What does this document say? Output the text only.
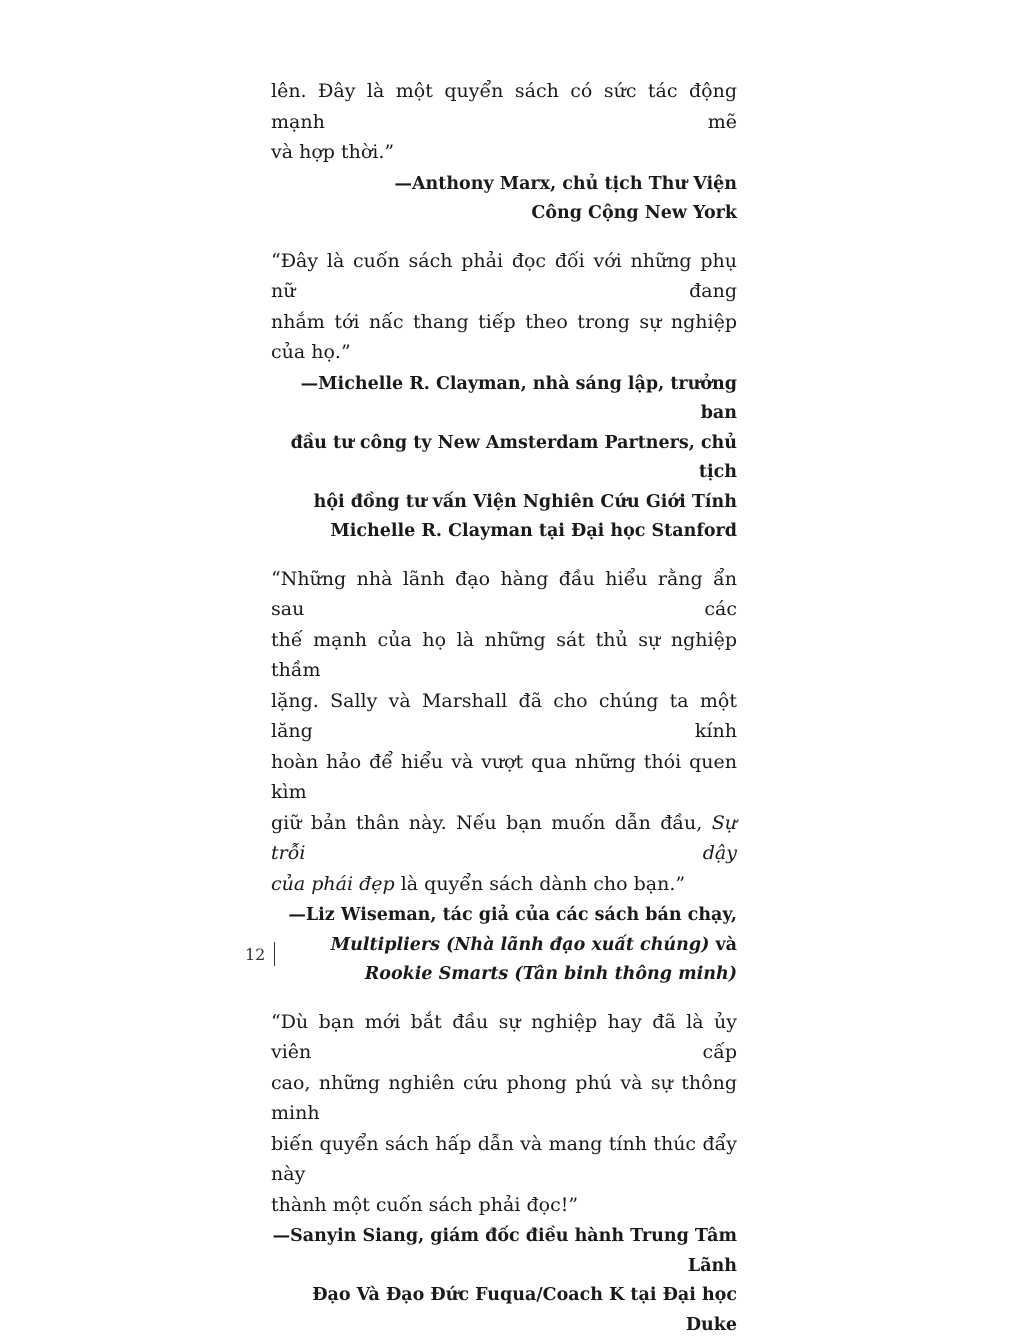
lên. Đây là một quyển sách có sức tác động mạnh mẽ
và hợp thời.”

—Anthony Marx, chủ tịch Thư Viện
Công Cộng New York

“Đây là cuốn sách phải đọc đối với những phụ nữ đang
nhắm tới nấc thang tiếp theo trong sự nghiệp của họ.”

—Michelle R. Clayman, nhà sáng lập, trưởng ban
đầu tư công ty New Amsterdam Partners, chủ tịch
hội đồng tư vấn Viện Nghiên Cứu Giới Tính
Michelle R. Clayman tại Đại học Stanford

“Những nhà lãnh đạo hàng đầu hiểu rằng ẩn sau các
thế mạnh của họ là những sát thủ sự nghiệp thầm
lặng. Sally và Marshall đã cho chúng ta một lăng kính
hoàn hảo để hiểu và vượt qua những thói quen kìm
giữ bản thân này. Nếu bạn muốn dẫn đầu, Sự trỗi dậy
của phái đẹp là quyển sách dành cho bạn.”

—Liz Wiseman, tác giả của các sách bán chạy,
Multipliers (Nhà lãnh đạo xuất chúng) và
Rookie Smarts (Tân binh thông minh)

“Dù bạn mới bắt đầu sự nghiệp hay đã là ủy viên cấp
cao, những nghiên cứu phong phú và sự thông minh
biến quyển sách hấp dẫn và mang tính thúc đẩy này
thành một cuốn sách phải đọc!”

—Sanyin Siang, giám đốc điều hành Trung Tâm Lãnh
Đạo Và Đạo Đức Fuqua/Coach K tại Đại học Duke

12
